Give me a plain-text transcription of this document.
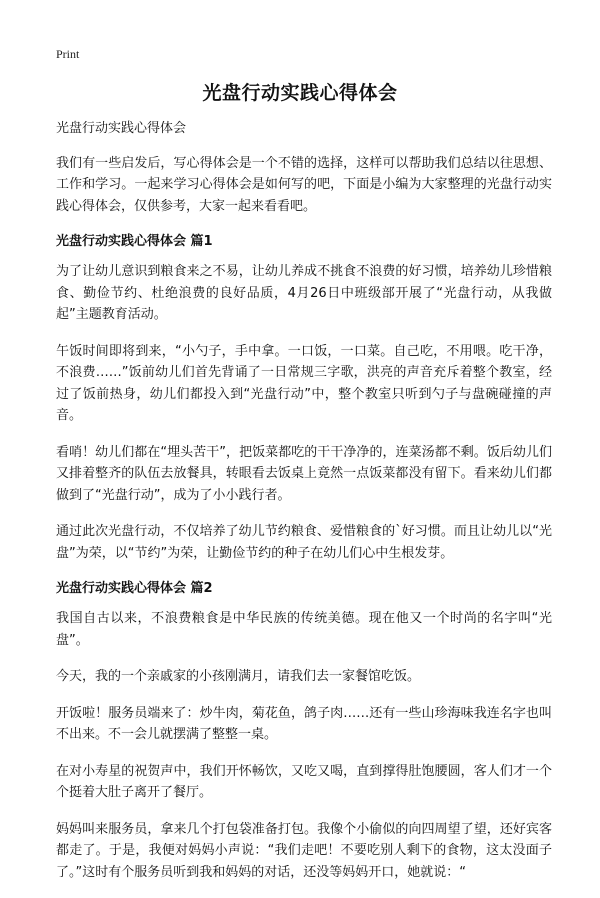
Print
光盘行动实践心得体会

光盘行动实践心得体会

我们有一些启发后，写心得体会是一个不错的选择，这样可以帮助我们总结以往思想、工作和学习。一起来学习心得体会是如何写的吧，下面是小编为大家整理的光盘行动实践心得体会，仅供参考，大家一起来看看吧。

光盘行动实践心得体会 篇1

为了让幼儿意识到粮食来之不易，让幼儿养成不挑食不浪费的好习惯，培养幼儿珍惜粮食、勤俭节约、杜绝浪费的良好品质，4月26日中班级部开展了“光盘行动，从我做起”主题教育活动。

午饭时间即将到来，“小勺子，手中拿。一口饭，一口菜。自己吃，不用喂。吃干净，不浪费……”饭前幼儿们首先背诵了一日常规三字歌，洪亮的声音充斥着整个教室，经过了饭前热身，幼儿们都投入到“光盘行动”中，整个教室只听到勺子与盘碗碰撞的声音。

看哨！幼儿们都在“埋头苦干”，把饭菜都吃的干干净净的，连菜汤都不剩。饭后幼儿们又排着整齐的队伍去放餐具，转眼看去饭桌上竟然一点饭菜都没有留下。看来幼儿们都做到了“光盘行动”，成为了小小践行者。

通过此次光盘行动，不仅培养了幼儿节约粮食、爱惜粮食的`好习惯。而且让幼儿以“光盘”为荣，以“节约”为荣，让勤俭节约的种子在幼儿们心中生根发芽。

光盘行动实践心得体会 篇2

我国自古以来，不浪费粮食是中华民族的传统美德。现在他又一个时尚的名字叫“光盘”。

今天，我的一个亲戚家的小孩刚满月，请我们去一家餐馆吃饭。

开饭啦！服务员端来了：炒牛肉，菊花鱼，鸽子肉……还有一些山珍海味我连名字也叫不出来。不一会儿就摆满了整整一桌。

在对小寿星的祝贺声中，我们开怀畅饮，又吃又喝，直到撑得肚饱腰圆，客人们才一个个挺着大肚子离开了餐厅。

妈妈叫来服务员，拿来几个打包袋准备打包。我像个小偷似的向四周望了望，还好宾客都走了。于是，我便对妈妈小声说：“我们走吧！不要吃别人剩下的食物，这太没面子了。”这时有个服务员听到我和妈妈的对话，还没等妈妈开口，她就说：“
